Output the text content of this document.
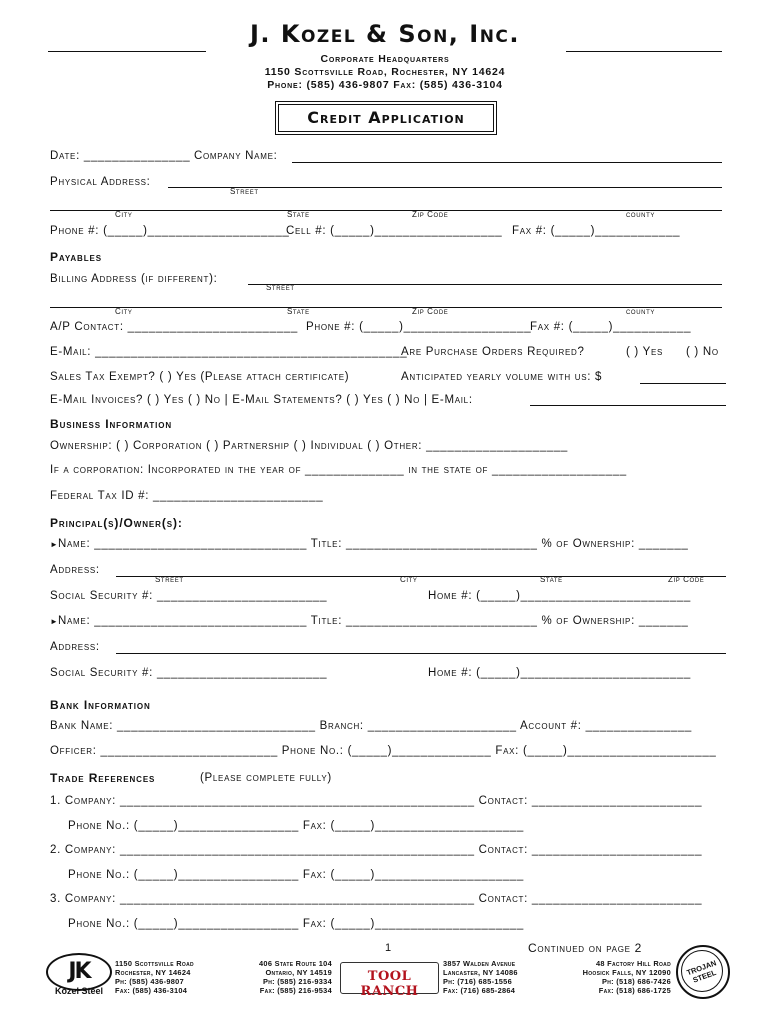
J. Kozel & Son, Inc.
Corporate Headquarters
1150 Scottsville Road, Rochester, NY 14624
Phone: (585) 436-9807 Fax: (585) 436-3104
Credit Application
Date: _______________ Company Name:
Physical Address:
Street
City	State	Zip Code	county
Phone #: (_____)____________________
Cell #: (_____)__________________ Fax #: (_____)____________
Payables
Billing Address (if different):
Street
City	State	Zip Code	county
A/P Contact: ________________________ Phone #: (_____)__________________
Fax #: (_____)___________
E-Mail: ____________________________________________
Are Purchase Orders Required?	( ) Yes ( ) No
Sales Tax Exempt? ( ) Yes (Please attach certificate)	Anticipated yearly volume with us: $
E-Mail Invoices? ( ) Yes ( ) No | E-Mail Statements? ( ) Yes ( ) No | E-Mail:
Business Information
Ownership: ( ) Corporation ( ) Partnership ( ) Individual ( ) Other: ____________________
If a corporation: Incorporated in the year of ______________ in the state of ___________________
Federal Tax ID #: ________________________
Principal(s)/Owner(s):
► Name: ______________________________ Title: ___________________________ % of Ownership: _______
Address:
Street	City	State	Zip Code
Social Security #: ________________________	Home #: (_____)________________________
► Name: ______________________________ Title: ___________________________ % of Ownership: _______
Address:
Social Security #: ________________________	Home #: (_____)________________________
Bank Information
Bank Name: ____________________________ Branch: _____________________ Account #: _______________
Officer: _________________________ Phone No.: (_____)______________ Fax: (_____)_____________________
Trade References	(Please complete fully)
1. Company: __________________________________________________ Contact: ________________________
Phone No.: (_____)_________________ Fax: (_____)_____________________
2. Company: __________________________________________________ Contact: ________________________
Phone No.: (_____)_________________ Fax: (_____)_____________________
3. Company: __________________________________________________ Contact: ________________________
Phone No.: (_____)_________________ Fax: (_____)_____________________
1	Continued on page 2
JK
Kozel Steel
1150 Scottsville Road
Rochester, NY 14624
Ph: (585) 436-9807
Fax: (585) 436-3104
406 State Route 104
Ontario, NY 14519
Ph: (585) 216-9334
Fax: (585) 216-9534
TOOL RANCH
3857 Walden Avenue
Lancaster, NY 14086
Ph: (716) 685-1556
Fax: (716) 685-2864
48 Factory Hill Road
Hoosick Falls, NY 12090
Ph: (518) 686-7426
Fax: (518) 686-1725
TROJAN STEEL
